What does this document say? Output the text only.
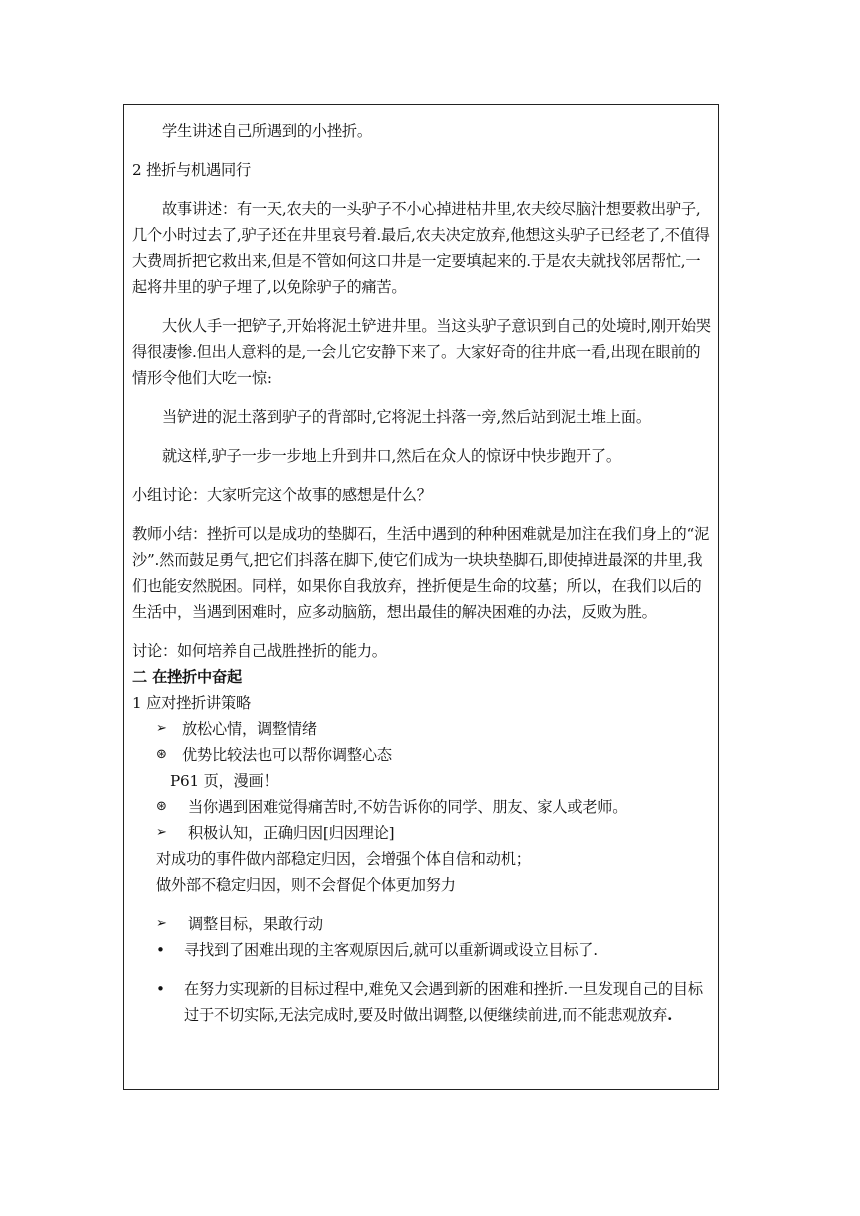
学生讲述自己所遇到的小挫折。

2 挫折与机遇同行

故事讲述：有一天,农夫的一头驴子不小心掉进枯井里,农夫绞尽脑汁想要救出驴子,几个小时过去了,驴子还在井里哀号着.最后,农夫决定放弃,他想这头驴子已经老了,不值得大费周折把它救出来,但是不管如何这口井是一定要填起来的.于是农夫就找邻居帮忙,一起将井里的驴子埋了,以免除驴子的痛苦。

大伙人手一把铲子,开始将泥土铲进井里。当这头驴子意识到自己的处境时,刚开始哭得很凄惨.但出人意料的是,一会儿它安静下来了。大家好奇的往井底一看,出现在眼前的情形令他们大吃一惊:

当铲进的泥土落到驴子的背部时,它将泥土抖落一旁,然后站到泥土堆上面。

就这样,驴子一步一步地上升到井口,然后在众人的惊讶中快步跑开了。

小组讨论：大家听完这个故事的感想是什么？

教师小结：挫折可以是成功的垫脚石，生活中遇到的种种困难就是加注在我们身上的“泥沙”.然而鼓足勇气,把它们抖落在脚下,使它们成为一块块垫脚石,即使掉进最深的井里,我们也能安然脱困。同样，如果你自我放弃，挫折便是生命的坟墓；所以，在我们以后的生活中，当遇到困难时，应多动脑筋，想出最佳的解决困难的办法，反败为胜。

讨论：如何培养自己战胜挫折的能力。

二 在挫折中奋起

1 应对挫折讲策略

➢	放松心情，调整情绪
⊛	优势比较法也可以帮你调整心态
P61 页，漫画！
⊛	当你遇到困难觉得痛苦时,不妨告诉你的同学、朋友、家人或老师。
➢	积极认知，正确归因[归因理论]
对成功的事件做内部稳定归因，会增强个体自信和动机；
做外部不稳定归因，则不会督促个体更加努力
➢	调整目标，果敢行动
• 寻找到了困难出现的主客观原因后,就可以重新调或设立目标了.
• 在努力实现新的目标过程中,难免又会遇到新的困难和挫折.一旦发现自己的目标过于不切实际,无法完成时,要及时做出调整,以便继续前进,而不能悲观放弃.
